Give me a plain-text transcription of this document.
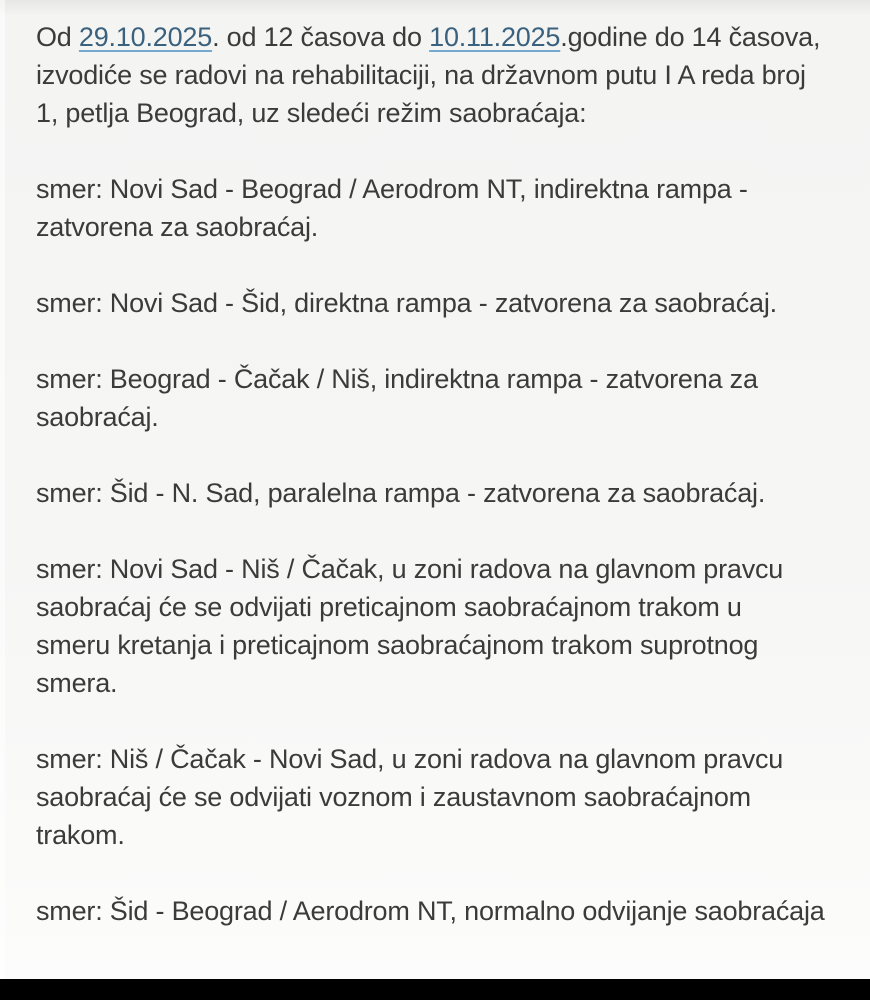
Od 29.10.2025. od 12 časova do 10.11.2025.godine do 14 časova,
izvodiće se radovi na rehabilitaciji, na državnom putu I A reda broj
1, petlja Beograd, uz sledeći režim saobraćaja:
smer: Novi Sad - Beograd / Aerodrom NT, indirektna rampa -
zatvorena za saobraćaj.
smer: Novi Sad - Šid, direktna rampa - zatvorena za saobraćaj.
smer: Beograd - Čačak / Niš, indirektna rampa - zatvorena za
saobraćaj.
smer: Šid - N. Sad, paralelna rampa - zatvorena za saobraćaj.
smer: Novi Sad - Niš / Čačak, u zoni radova na glavnom pravcu
saobraćaj će se odvijati preticajnom saobraćajnom trakom u
smeru kretanja i preticajnom saobraćajnom trakom suprotnog
smera.
smer: Niš / Čačak - Novi Sad, u zoni radova na glavnom pravcu
saobraćaj će se odvijati voznom i zaustavnom saobraćajnom
trakom.
smer: Šid - Beograd / Aerodrom NT, normalno odvijanje saobraćaja
